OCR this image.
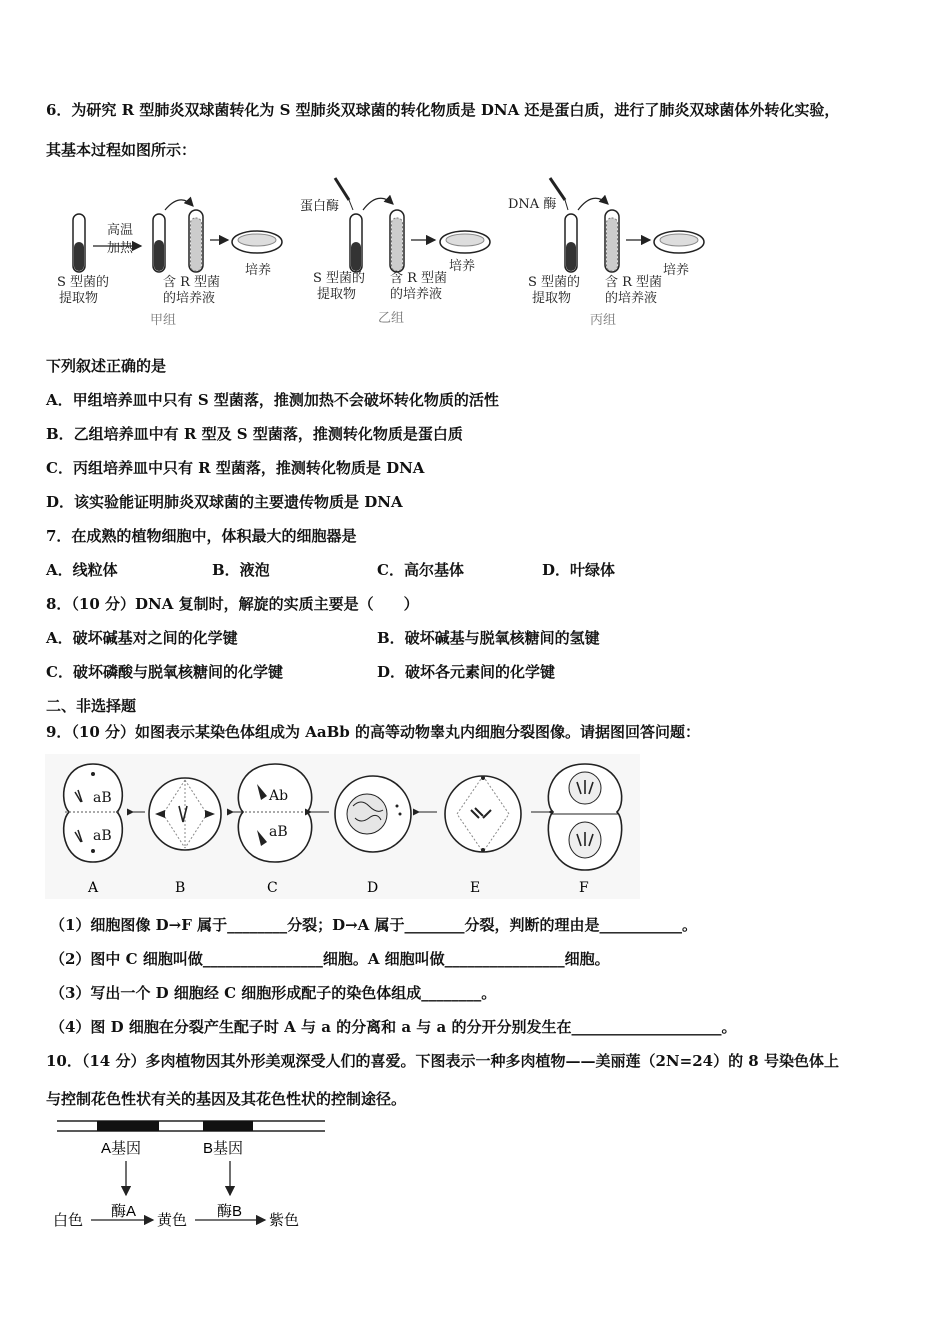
6．为研究 R 型肺炎双球菌转化为 S 型肺炎双球菌的转化物质是 DNA 还是蛋白质，进行了肺炎双球菌体外转化实验，
其基本过程如图所示：
高温
加热
S 型菌的
提取物
含 R 型菌
的培养液
培养
甲组
蛋白酶
S 型菌的
提取物
含 R 型菌
的培养液
培养
乙组
DNA 酶
S 型菌的
提取物
含 R 型菌
的培养液
培养
丙组
下列叙述正确的是
A．甲组培养皿中只有 S 型菌落，推测加热不会破坏转化物质的活性
B．乙组培养皿中有 R 型及 S 型菌落，推测转化物质是蛋白质
C．丙组培养皿中只有 R 型菌落，推测转化物质是 DNA
D．该实验能证明肺炎双球菌的主要遗传物质是 DNA
7．在成熟的植物细胞中，体积最大的细胞器是
A．线粒体	B．液泡	C．高尔基体	D．叶绿体
8．（10 分）DNA 复制时，解旋的实质主要是（　　）
A．破坏碱基对之间的化学键	B．破坏碱基与脱氧核糖间的氢键
C．破坏磷酸与脱氧核糖间的化学键	D．破坏各元素间的化学键
二、非选择题
9．（10 分）如图表示某染色体组成为 AaBb 的高等动物睾丸内细胞分裂图像。请据图回答问题：
aB
aB
Ab
aB
A	B	C	D	E	F
（1）细胞图像 D→F 属于________分裂；D→A 属于________分裂，判断的理由是___________。
（2）图中 C 细胞叫做________________细胞。A 细胞叫做________________细胞。
（3）写出一个 D 细胞经 C 细胞形成配子的染色体组成________。
（4）图 D 细胞在分裂产生配子时 A 与 a 的分离和 a 与 a 的分开分别发生在____________________。
10．（14 分）多肉植物因其外形美观深受人们的喜爱。下图表示一种多肉植物——美丽莲（2N=24）的 8 号染色体上
与控制花色性状有关的基因及其花色性状的控制途径。
A基因	B基因
酶A	酶B
白色	黄色	紫色
